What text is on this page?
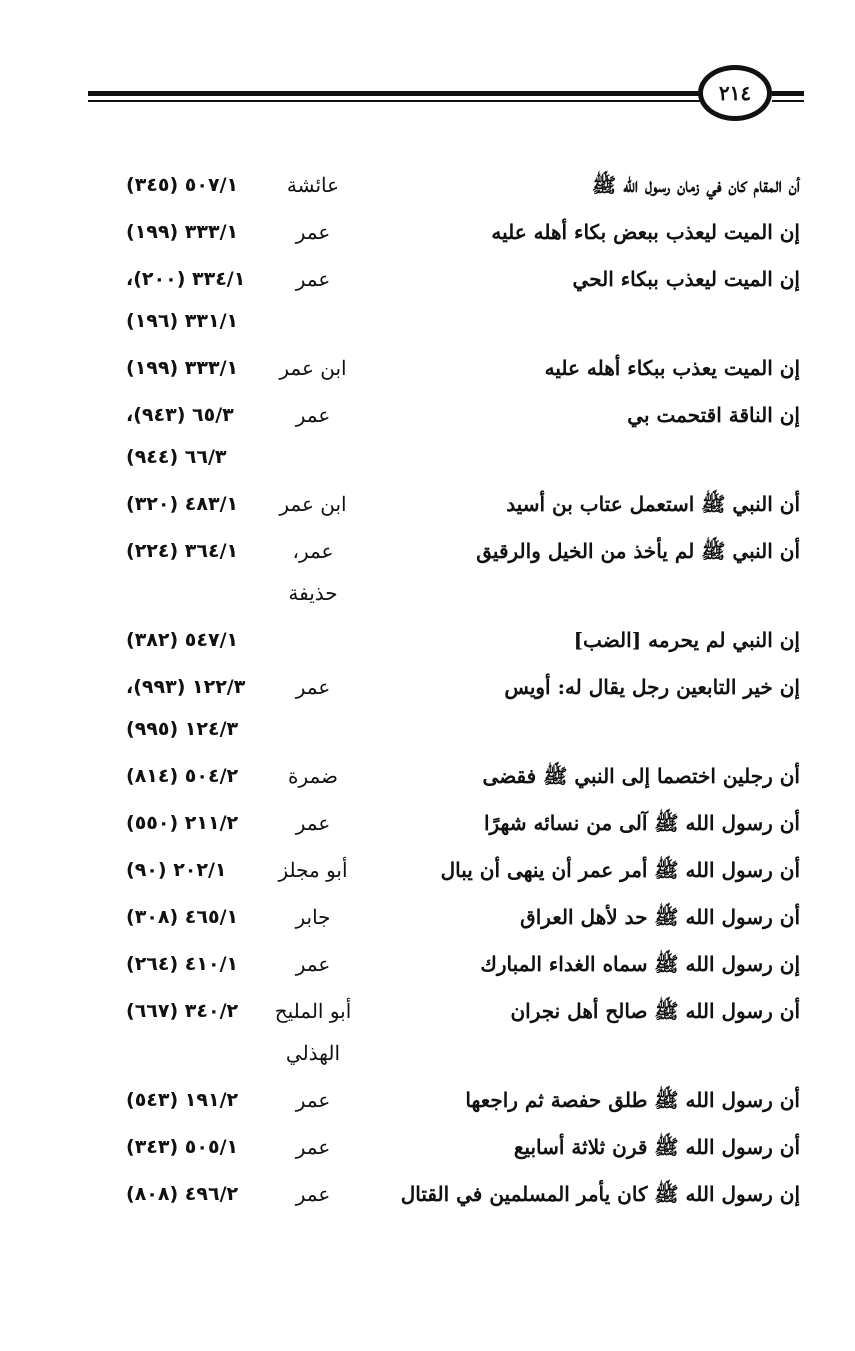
٢١٤
أن المقام كان في زمان رسول الله ﷺ
عائشة
٥٠٧/١ (٣٤٥)
إن الميت ليعذب ببعض بكاء أهله عليه
عمر
٣٣٣/١ (١٩٩)
إن الميت ليعذب ببكاء الحي
عمر
٣٣٤/١ (٢٠٠)،
٣٣١/١ (١٩٦)
إن الميت يعذب ببكاء أهله عليه
ابن عمر
٣٣٣/١ (١٩٩)
إن الناقة اقتحمت بي
عمر
٦٥/٣ (٩٤٣)،
٦٦/٣ (٩٤٤)
أن النبي ﷺ استعمل عتاب بن أسيد
ابن عمر
٤٨٣/١ (٣٢٠)
أن النبي ﷺ لم يأخذ من الخيل والرقيق
عمر،
٣٦٤/١ (٢٢٤)
حذيفة
إن النبي لم يحرمه [الضب]
٥٤٧/١ (٣٨٢)
إن خير التابعين رجل يقال له: أويس
عمر
١٢٢/٣ (٩٩٣)،
١٢٤/٣ (٩٩٥)
أن رجلين اختصما إلى النبي ﷺ فقضى
ضمرة
٥٠٤/٢ (٨١٤)
أن رسول الله ﷺ آلى من نسائه شهرًا
عمر
٢١١/٢ (٥٥٠)
أن رسول الله ﷺ أمر عمر أن ينهى أن يبال
أبو مجلز
٢٠٢/١ (٩٠)
أن رسول الله ﷺ حد لأهل العراق
جابر
٤٦٥/١ (٣٠٨)
إن رسول الله ﷺ سماه الغداء المبارك
عمر
٤١٠/١ (٢٦٤)
أن رسول الله ﷺ صالح أهل نجران
أبو المليح
٣٤٠/٢ (٦٦٧)
الهذلي
أن رسول الله ﷺ طلق حفصة ثم راجعها
عمر
١٩١/٢ (٥٤٣)
أن رسول الله ﷺ قرن ثلاثة أسابيع
عمر
٥٠٥/١ (٣٤٣)
إن رسول الله ﷺ كان يأمر المسلمين في القتال
عمر
٤٩٦/٢ (٨٠٨)
